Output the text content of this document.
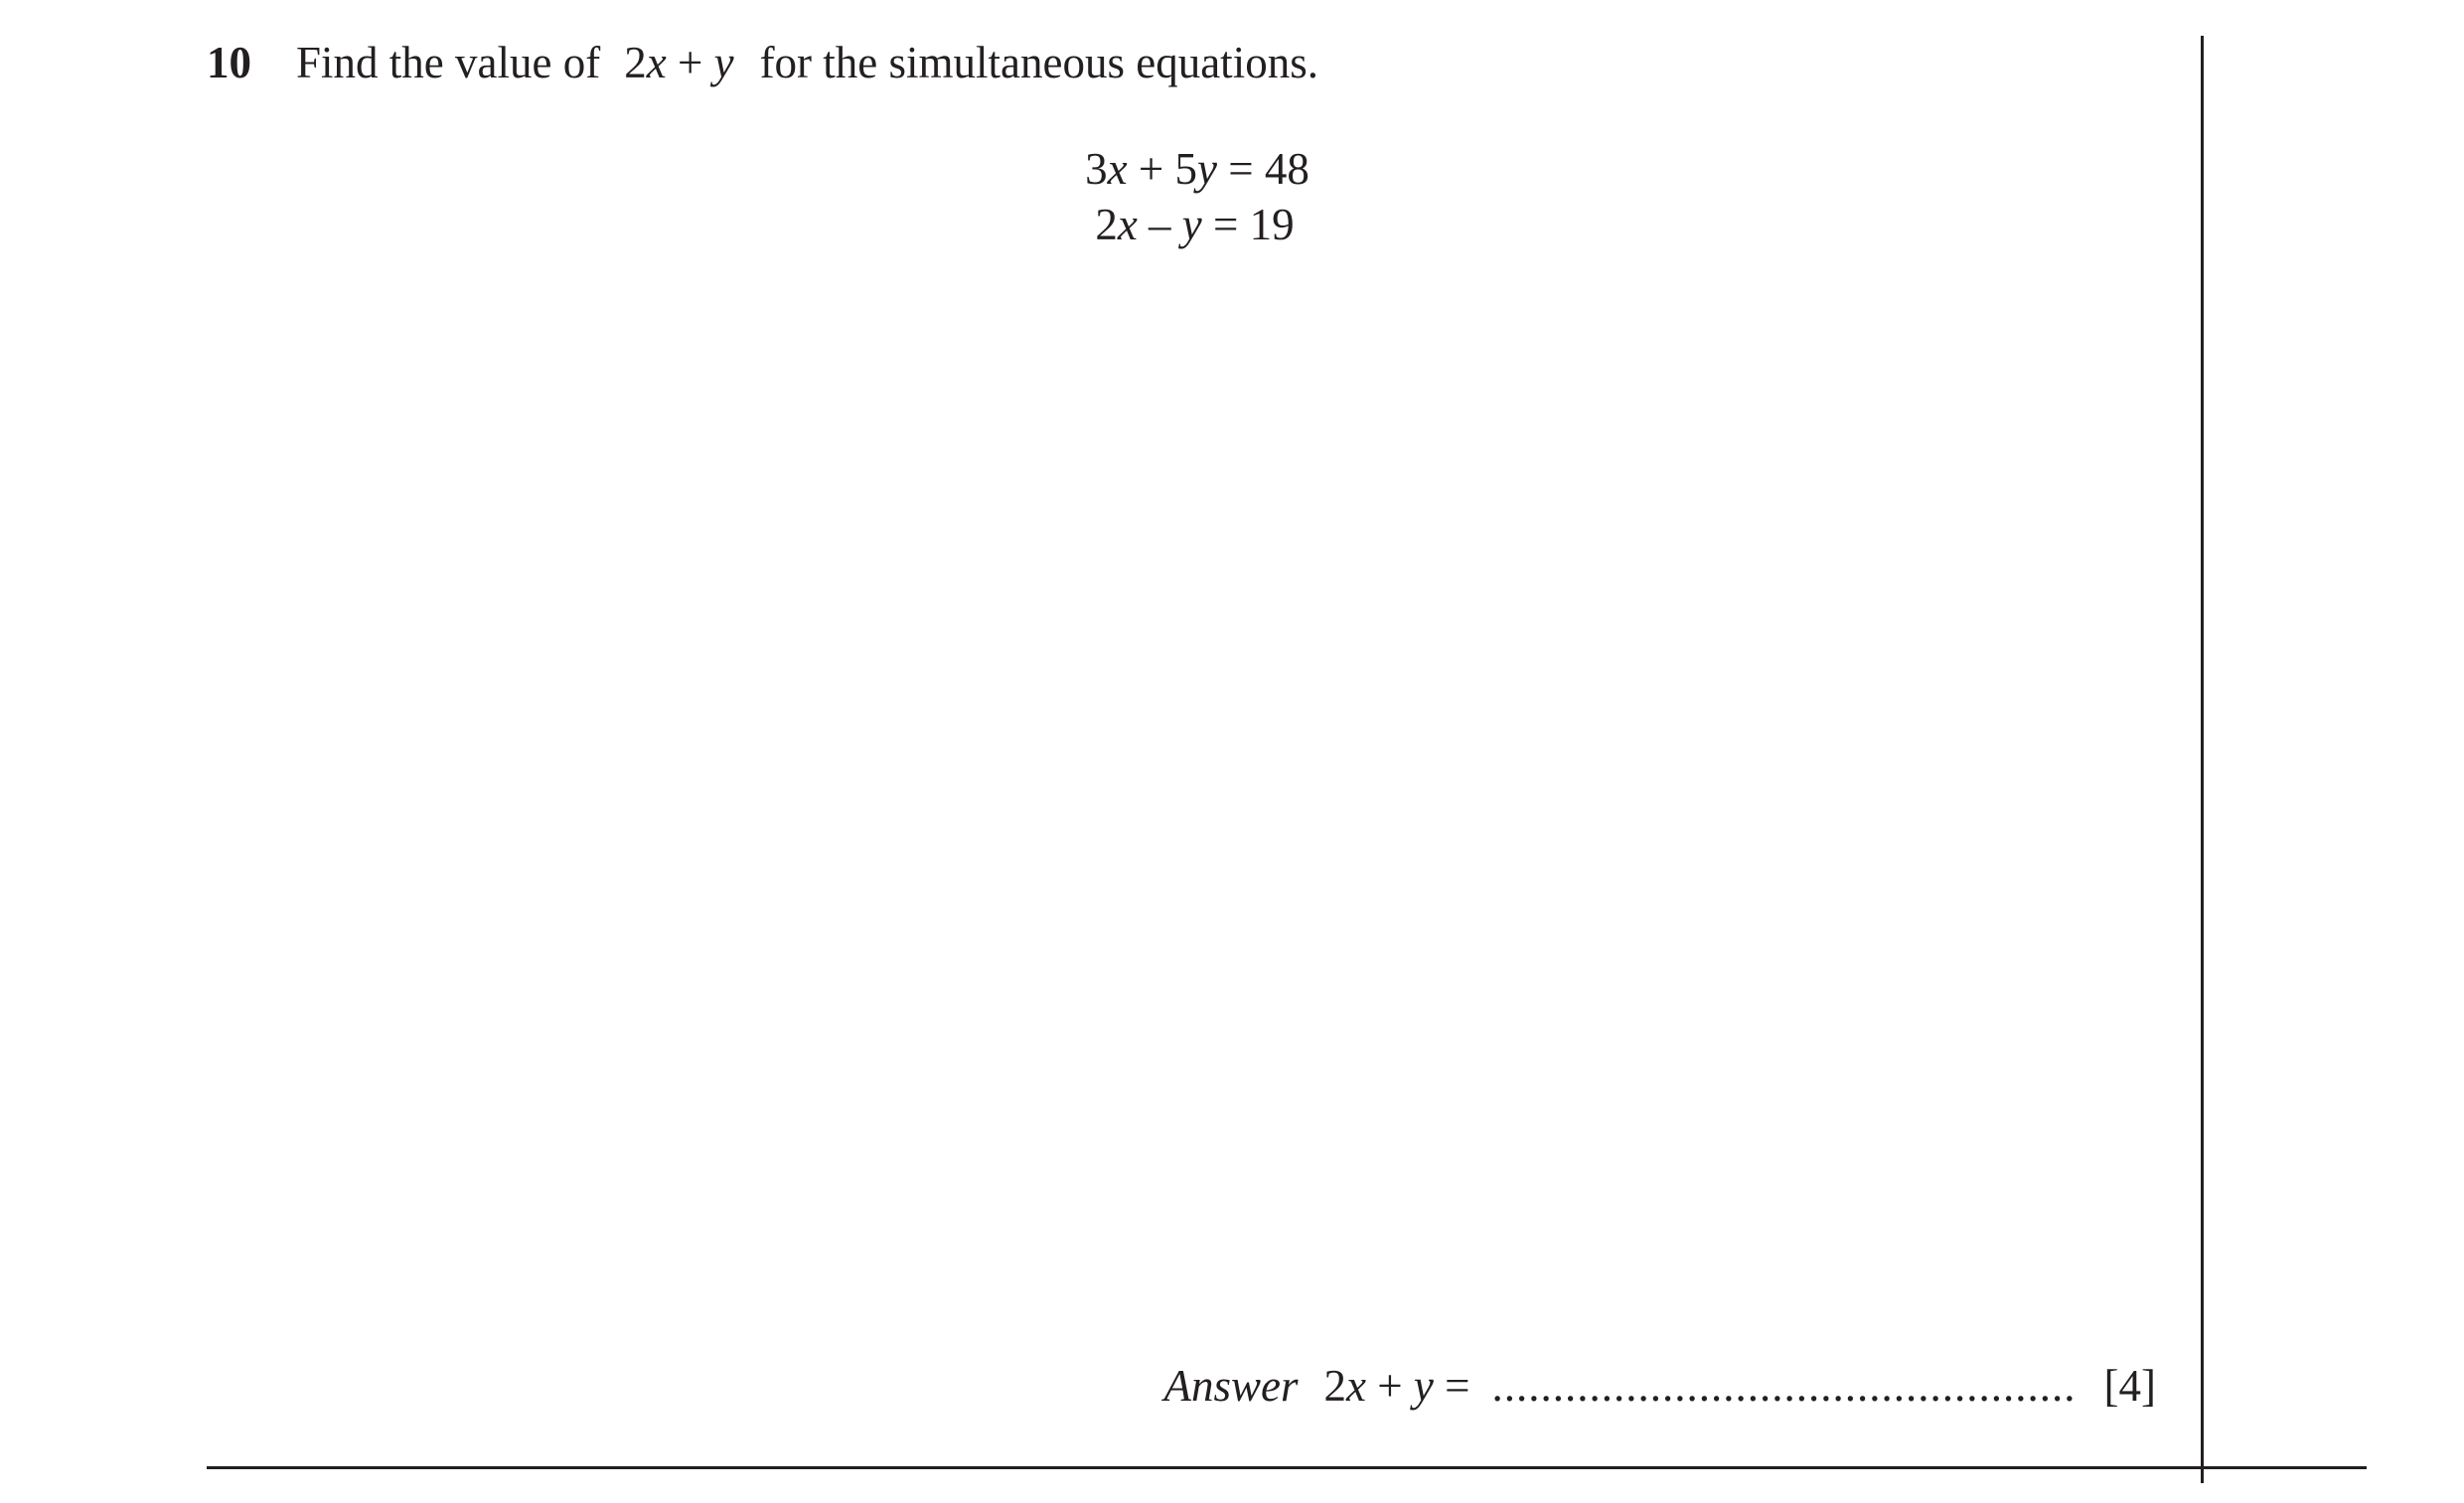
10 Find the value of 2x + y for the simultaneous equations.
3x + 5y = 48
2x – y = 19
Answer 2x + y = ................................................ [4]
